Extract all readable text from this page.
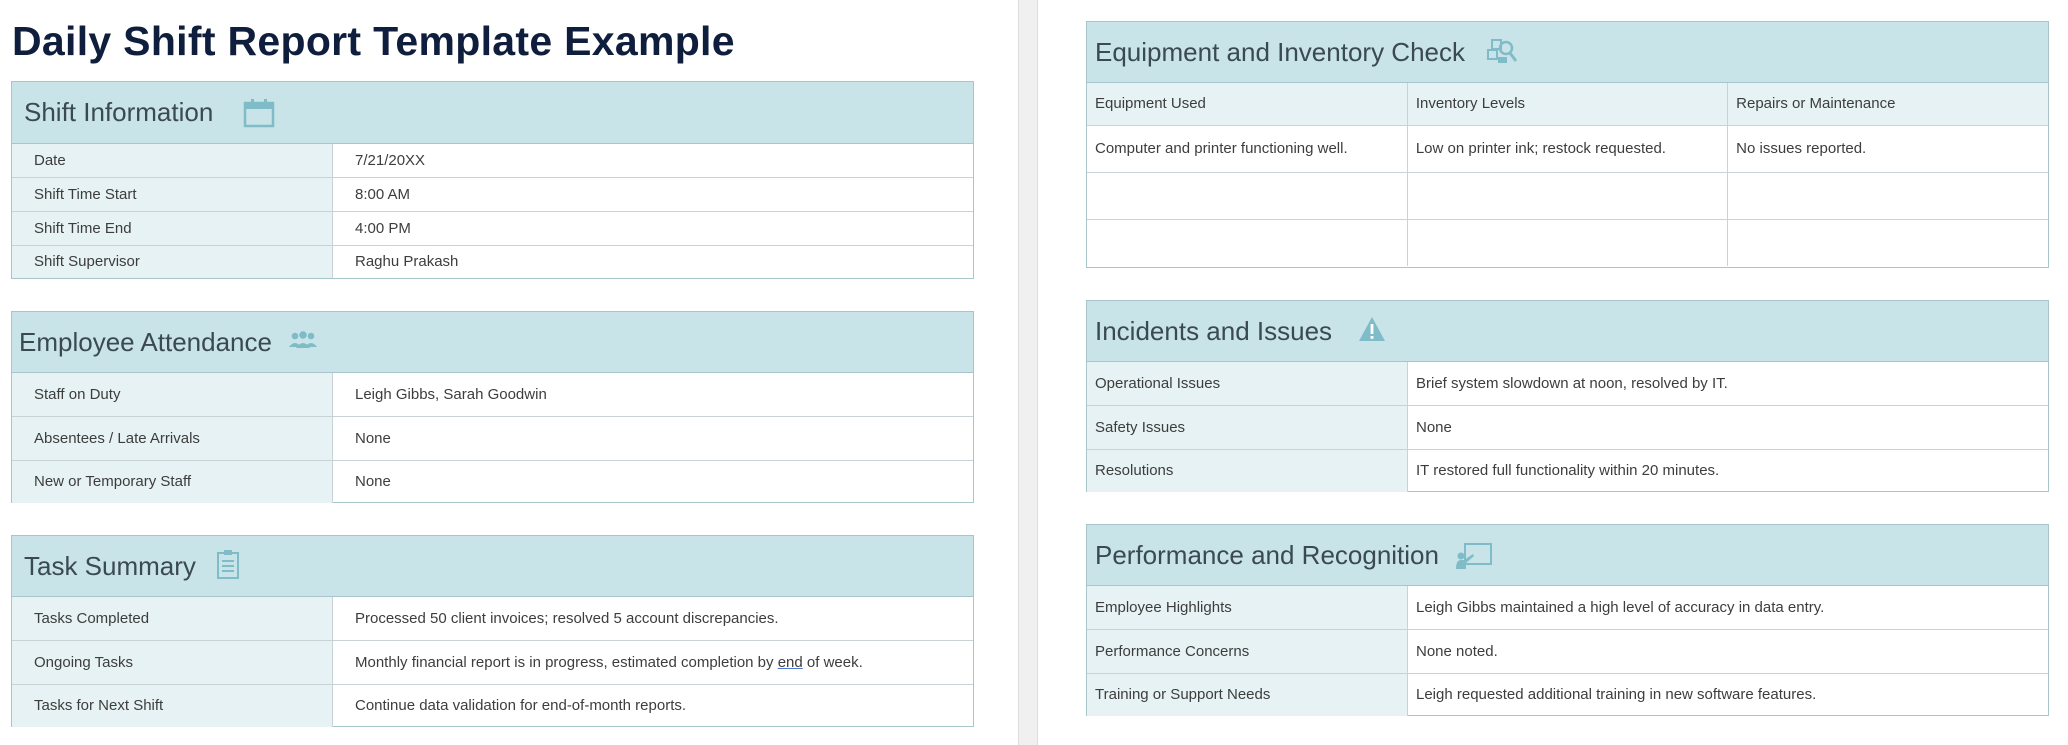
Daily Shift Report Template Example
Shift Information
Date	7/21/20XX
Shift Time Start	8:00 AM
Shift Time End	4:00 PM
Shift Supervisor	Raghu Prakash
Employee Attendance
Staff on Duty	Leigh Gibbs, Sarah Goodwin
Absentees / Late Arrivals	None
New or Temporary Staff	None
Task Summary
Tasks Completed	Processed 50 client invoices; resolved 5 account discrepancies.
Ongoing Tasks	Monthly financial report is in progress, estimated completion by end of week.
Tasks for Next Shift	Continue data validation for end-of-month reports.
Equipment and Inventory Check
Equipment Used	Inventory Levels	Repairs or Maintenance
Computer and printer functioning well.	Low on printer ink; restock requested.	No issues reported.

Incidents and Issues
Operational Issues	Brief system slowdown at noon, resolved by IT.
Safety Issues	None
Resolutions	IT restored full functionality within 20 minutes.
Performance and Recognition
Employee Highlights	Leigh Gibbs maintained a high level of accuracy in data entry.
Performance Concerns	None noted.
Training or Support Needs	Leigh requested additional training in new software features.
